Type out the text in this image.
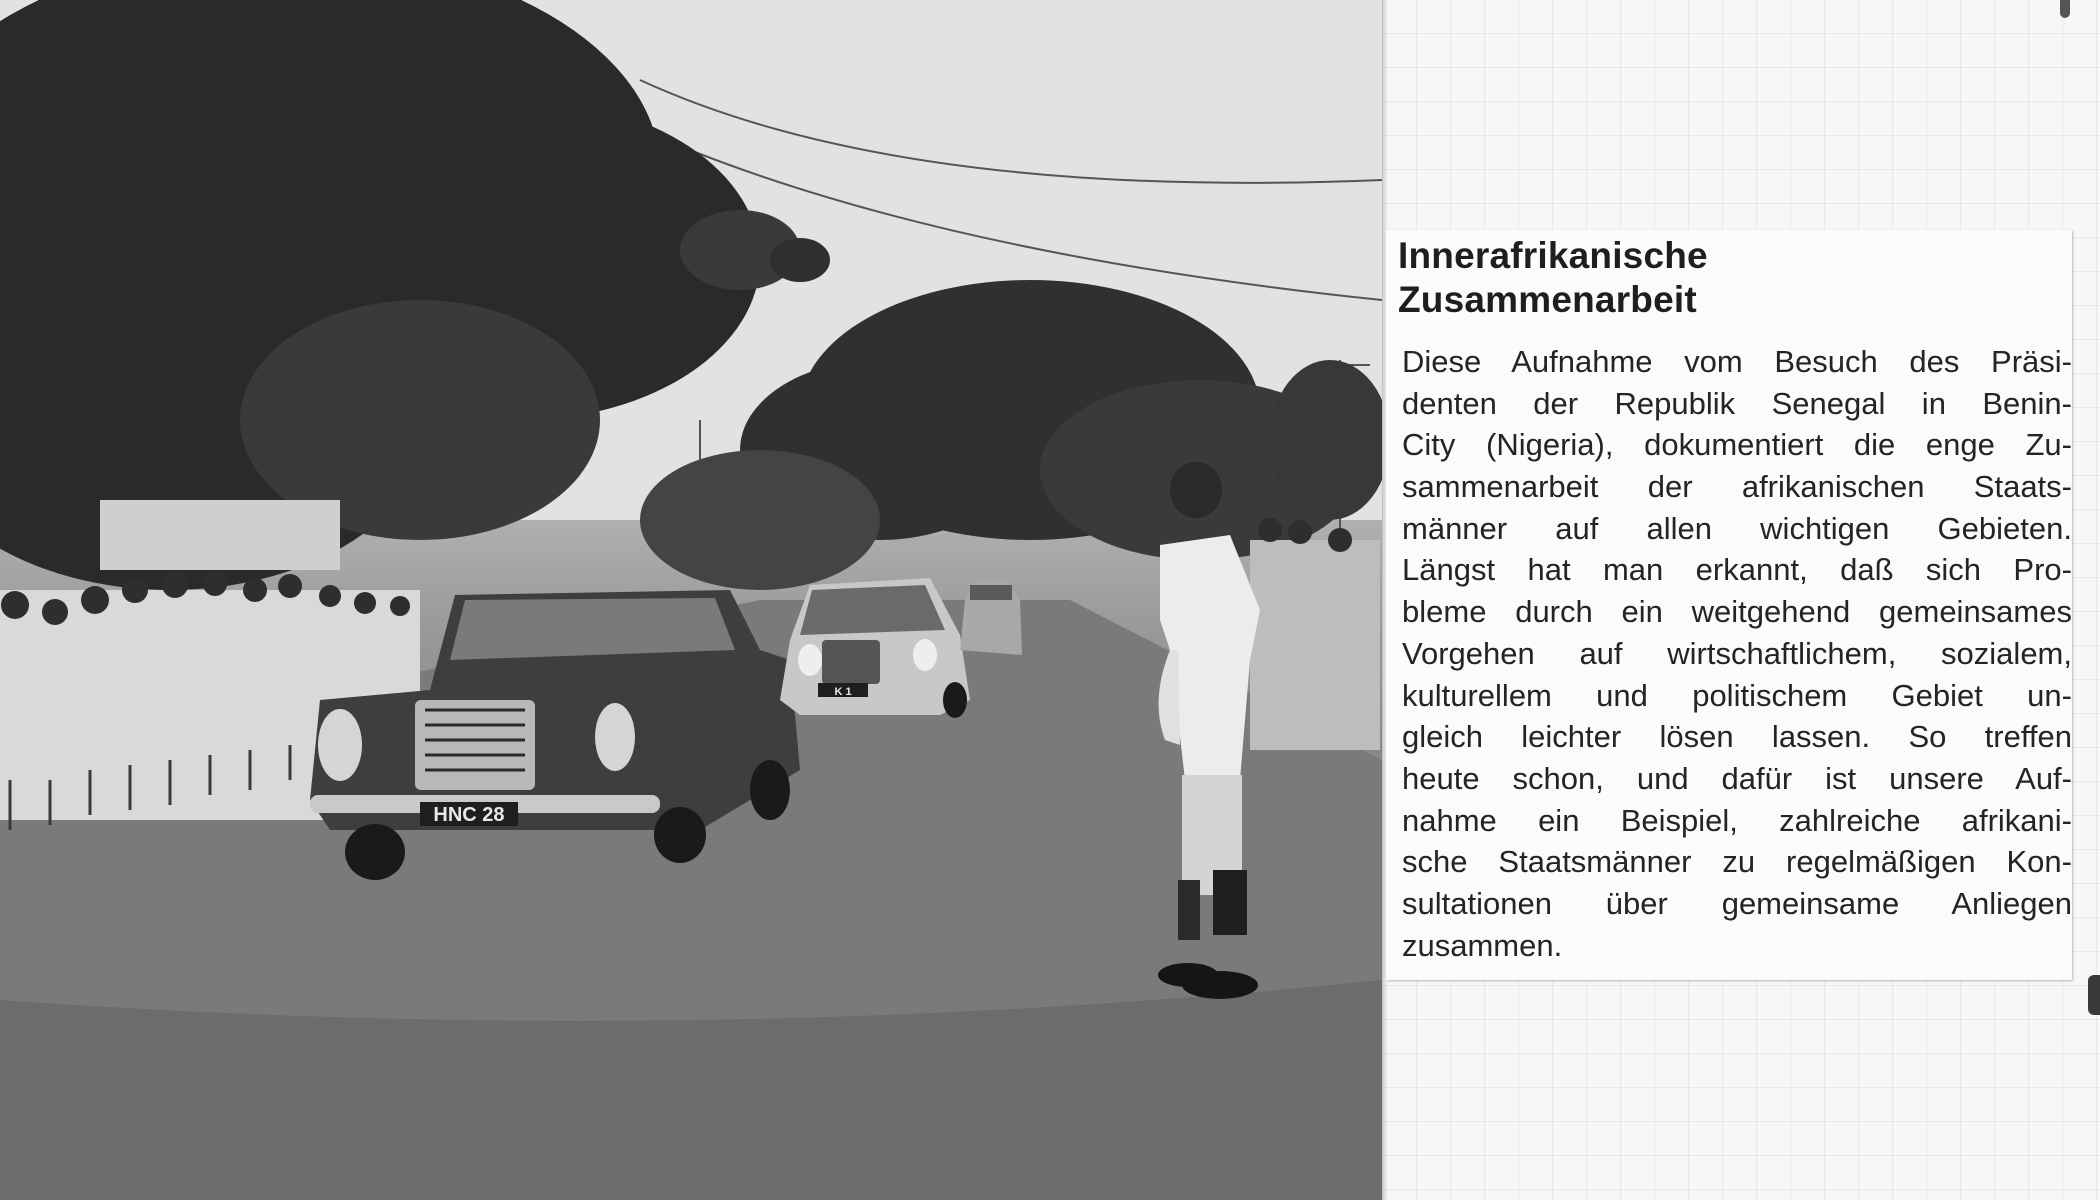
HNC 28
K 1
Innerafrikanische
Zusammenarbeit
Diese Aufnahme vom Besuch des Präsi-
denten der Republik Senegal in Benin-
City (Nigeria), dokumentiert die enge Zu-
sammenarbeit der afrikanischen Staats-
männer auf allen wichtigen Gebieten.
Längst hat man erkannt, daß sich Pro-
bleme durch ein weitgehend gemeinsames
Vorgehen auf wirtschaftlichem, sozialem,
kulturellem und politischem Gebiet un-
gleich leichter lösen lassen. So treffen
heute schon, und dafür ist unsere Auf-
nahme ein Beispiel, zahlreiche afrikani-
sche Staatsmänner zu regelmäßigen Kon-
sultationen über gemeinsame Anliegen
zusammen.
